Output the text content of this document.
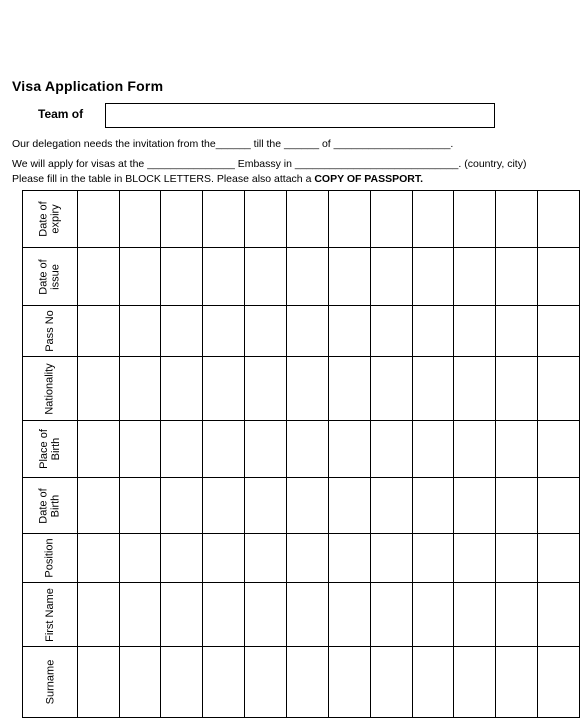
Visa Application Form
Team of
Our delegation needs the invitation from the______ till the ______ of ____________________.
We will apply for visas at the _______________ Embassy in ____________________________. (country, city)
Please fill in the table in BLOCK LETTERS. Please also attach a COPY OF PASSPORT.
Date of
expiry												

Date of
issue												

Pass No												

Nationality												

Place of
Birth												

Date of
Birth												

Position												

First Name												

Surname												
